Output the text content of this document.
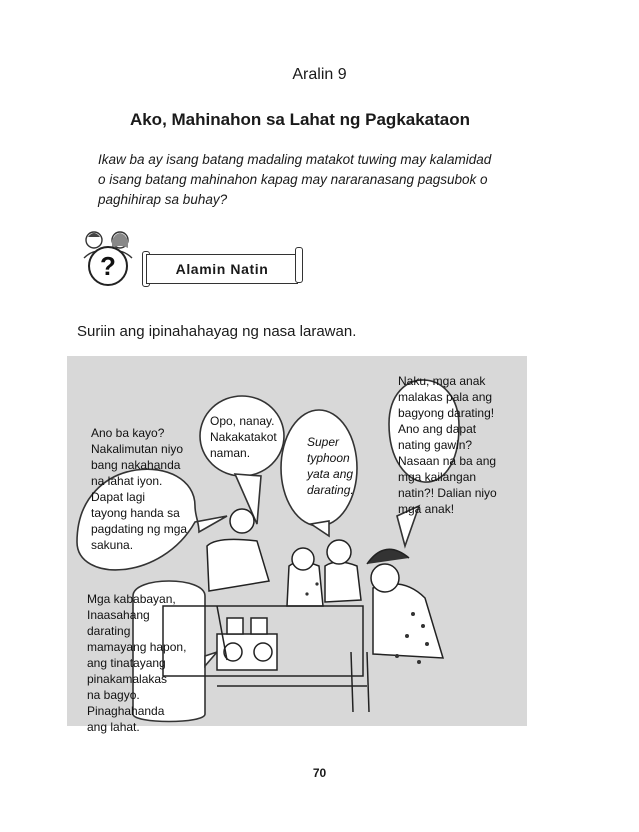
Aralin 9
Ako, Mahinahon sa Lahat ng Pagkakataon
Ikaw ba ay isang batang madaling matakot tuwing may kalamidad
o isang batang mahinahon kapag may nararanasang pagsubok o
paghihirap sa buhay?
?	Alamin Natin
Suriin ang ipinahahayag ng nasa larawan.
Ano ba kayo?
Nakalimutan niyo
bang nakahanda
na lahat iyon.
Dapat lagi
tayong handa sa
pagdating ng mga
sakuna.
Opo, nanay.
Nakakatakot
naman.
Super
typhoon
yata ang
darating.
Naku, mga anak
malakas pala ang
bagyong darating!
Ano ang dapat
nating gawin?
Nasaan na ba ang
mga kailangan
natin?! Dalian niyo
mga anak!
Mga kababayan,
Inaasahang
darating
mamayang hapon,
ang tinatayang
pinakamalakas
na bagyo.
Pinaghahanda
ang lahat.
70
